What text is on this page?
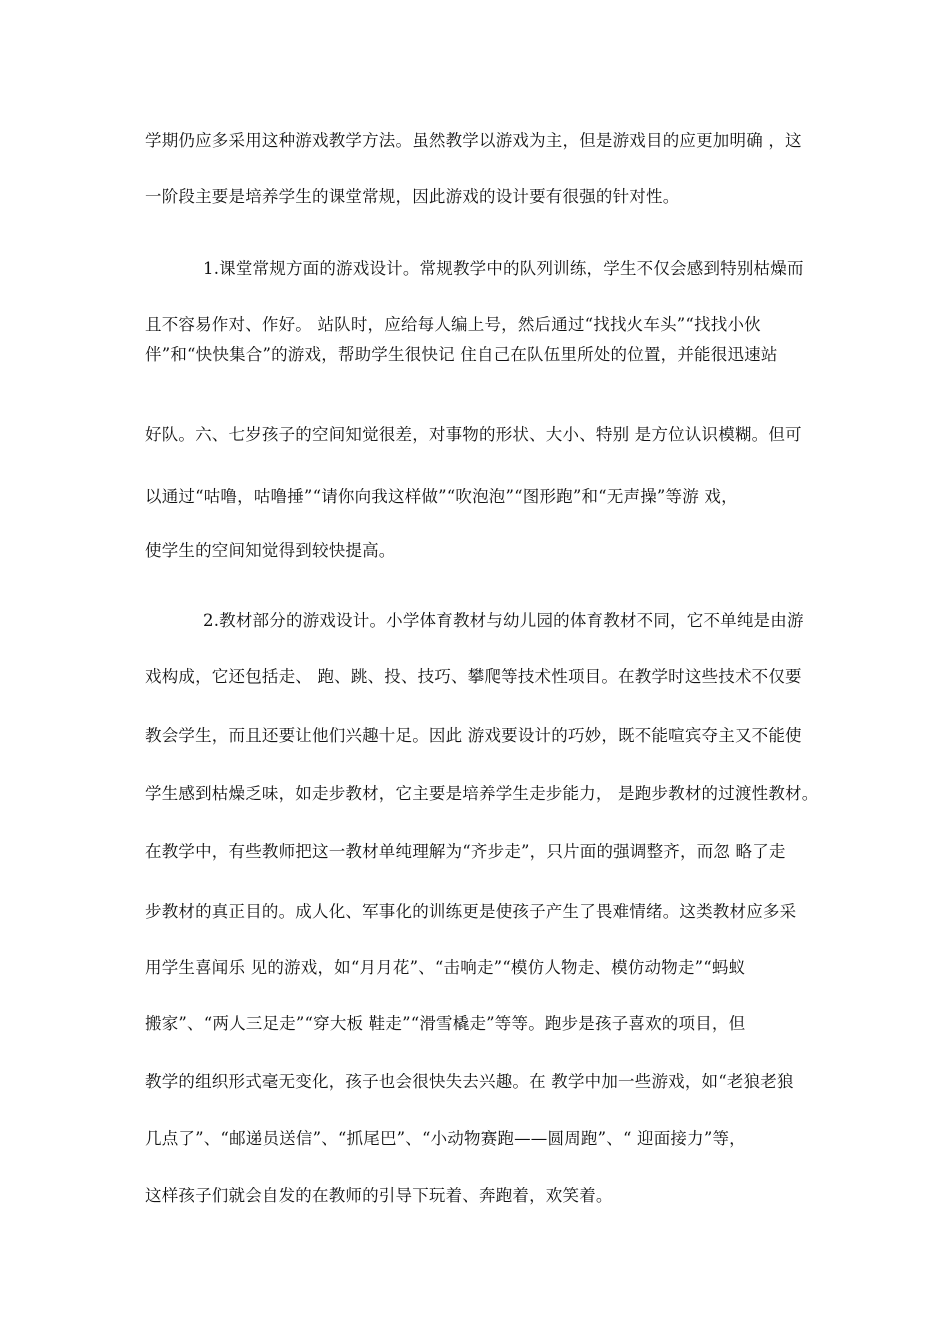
学期仍应多采用这种游戏教学方法。虽然教学以游戏为主，但是游戏目的应更加明确 ，这
一阶段主要是培养学生的课堂常规，因此游戏的设计要有很强的针对性。
1.课堂常规方面的游戏设计。常规教学中的队列训练，学生不仅会感到特别枯燥而
且不容易作对、作好。 站队时，应给每人编上号，然后通过“找找火车头”“找找小伙
伴”和“快快集合”的游戏，帮助学生很快记 住自己在队伍里所处的位置，并能很迅速站
好队。六、七岁孩子的空间知觉很差，对事物的形状、大小、特别 是方位认识模糊。但可
以通过“咕噜，咕噜捶”“请你向我这样做”“吹泡泡”“图形跑”和“无声操”等游 戏，
使学生的空间知觉得到较快提高。
2.教材部分的游戏设计。小学体育教材与幼儿园的体育教材不同，它不单纯是由游
戏构成，它还包括走、 跑、跳、投、技巧、攀爬等技术性项目。在教学时这些技术不仅要
教会学生，而且还要让他们兴趣十足。因此 游戏要设计的巧妙，既不能喧宾夺主又不能使
学生感到枯燥乏味，如走步教材，它主要是培养学生走步能力， 是跑步教材的过渡性教材。
在教学中，有些教师把这一教材单纯理解为“齐步走”，只片面的强调整齐，而忽 略了走
步教材的真正目的。成人化、军事化的训练更是使孩子产生了畏难情绪。这类教材应多采
用学生喜闻乐 见的游戏，如“月月花”、“击响走”“模仿人物走、模仿动物走”“蚂蚁
搬家”、“两人三足走”“穿大板 鞋走”“滑雪橇走”等等。跑步是孩子喜欢的项目，但
教学的组织形式毫无变化，孩子也会很快失去兴趣。在 教学中加一些游戏，如“老狼老狼
几点了”、“邮递员送信”、“抓尾巴”、“小动物赛跑——圆周跑”、“ 迎面接力”等，
这样孩子们就会自发的在教师的引导下玩着、奔跑着，欢笑着。
